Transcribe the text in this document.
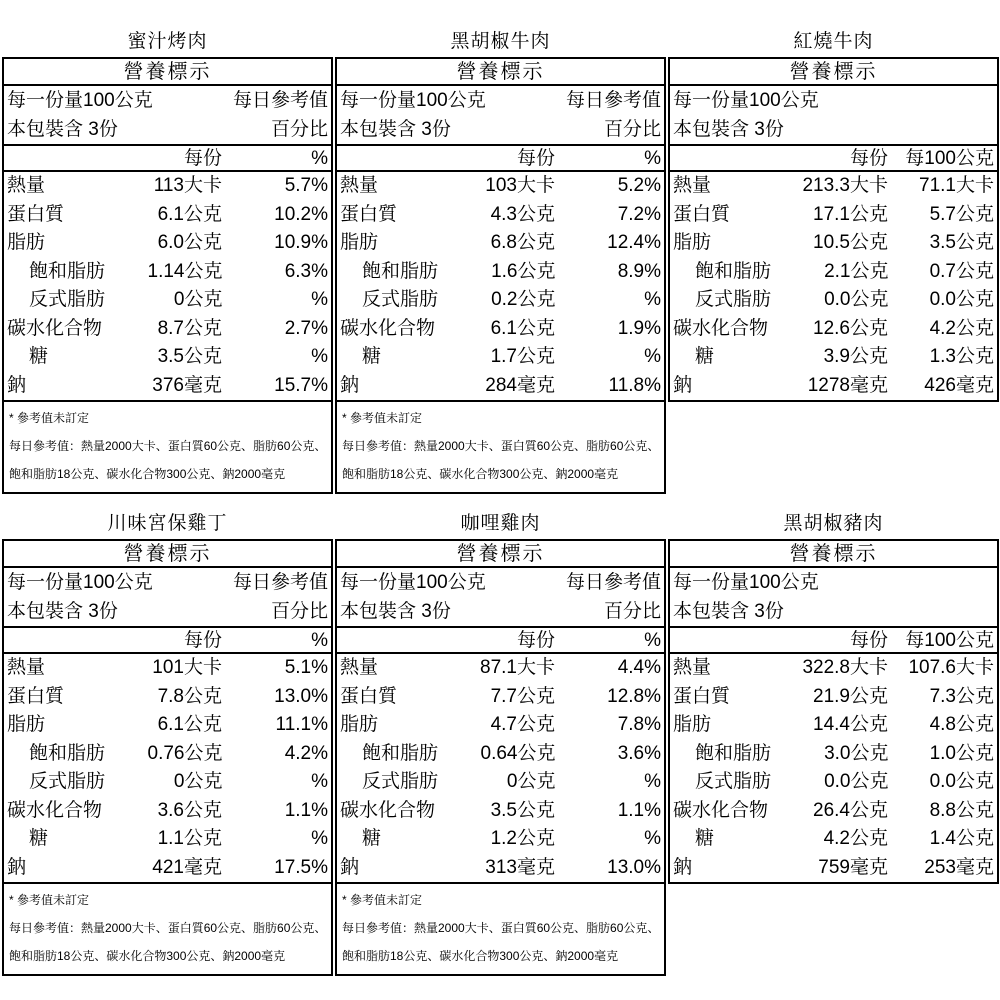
蜜汁烤肉
營養標示
每一份量100公克	每日參考值
本包裝含 3份	百分比
每份	%
熱量	113大卡	5.7%
蛋白質	6.1公克	10.2%
脂肪	6.0公克	10.9%
飽和脂肪	1.14公克	6.3%
反式脂肪	0公克	%
碳水化合物	8.7公克	2.7%
糖	3.5公克	%
鈉	376毫克	15.7%
* 參考值未訂定
每日參考值：熱量2000大卡、蛋白質60公克、脂肪60公克、
飽和脂肪18公克、碳水化合物300公克、鈉2000毫克
黑胡椒牛肉
營養標示
每一份量100公克	每日參考值
本包裝含 3份	百分比
每份	%
熱量	103大卡	5.2%
蛋白質	4.3公克	7.2%
脂肪	6.8公克	12.4%
飽和脂肪	1.6公克	8.9%
反式脂肪	0.2公克	%
碳水化合物	6.1公克	1.9%
糖	1.7公克	%
鈉	284毫克	11.8%
* 參考值未訂定
每日參考值：熱量2000大卡、蛋白質60公克、脂肪60公克、
飽和脂肪18公克、碳水化合物300公克、鈉2000毫克
紅燒牛肉
營養標示
每一份量100公克
本包裝含 3份
每份 每100公克
熱量	213.3大卡	71.1大卡
蛋白質	17.1公克	5.7公克
脂肪	10.5公克	3.5公克
飽和脂肪	2.1公克	0.7公克
反式脂肪	0.0公克	0.0公克
碳水化合物	12.6公克	4.2公克
糖	3.9公克	1.3公克
鈉	1278毫克	426毫克
川味宮保雞丁
營養標示
每一份量100公克	每日參考值
本包裝含 3份	百分比
每份	%
熱量	101大卡	5.1%
蛋白質	7.8公克	13.0%
脂肪	6.1公克	11.1%
飽和脂肪	0.76公克	4.2%
反式脂肪	0公克	%
碳水化合物	3.6公克	1.1%
糖	1.1公克	%
鈉	421毫克	17.5%
* 參考值未訂定
每日參考值：熱量2000大卡、蛋白質60公克、脂肪60公克、
飽和脂肪18公克、碳水化合物300公克、鈉2000毫克
咖哩雞肉
營養標示
每一份量100公克	每日參考值
本包裝含 3份	百分比
每份	%
熱量	87.1大卡	4.4%
蛋白質	7.7公克	12.8%
脂肪	4.7公克	7.8%
飽和脂肪	0.64公克	3.6%
反式脂肪	0公克	%
碳水化合物	3.5公克	1.1%
糖	1.2公克	%
鈉	313毫克	13.0%
* 參考值未訂定
每日參考值：熱量2000大卡、蛋白質60公克、脂肪60公克、
飽和脂肪18公克、碳水化合物300公克、鈉2000毫克
黑胡椒豬肉
營養標示
每一份量100公克
本包裝含 3份
每份 每100公克
熱量	322.8大卡	107.6大卡
蛋白質	21.9公克	7.3公克
脂肪	14.4公克	4.8公克
飽和脂肪	3.0公克	1.0公克
反式脂肪	0.0公克	0.0公克
碳水化合物	26.4公克	8.8公克
糖	4.2公克	1.4公克
鈉	759毫克	253毫克
